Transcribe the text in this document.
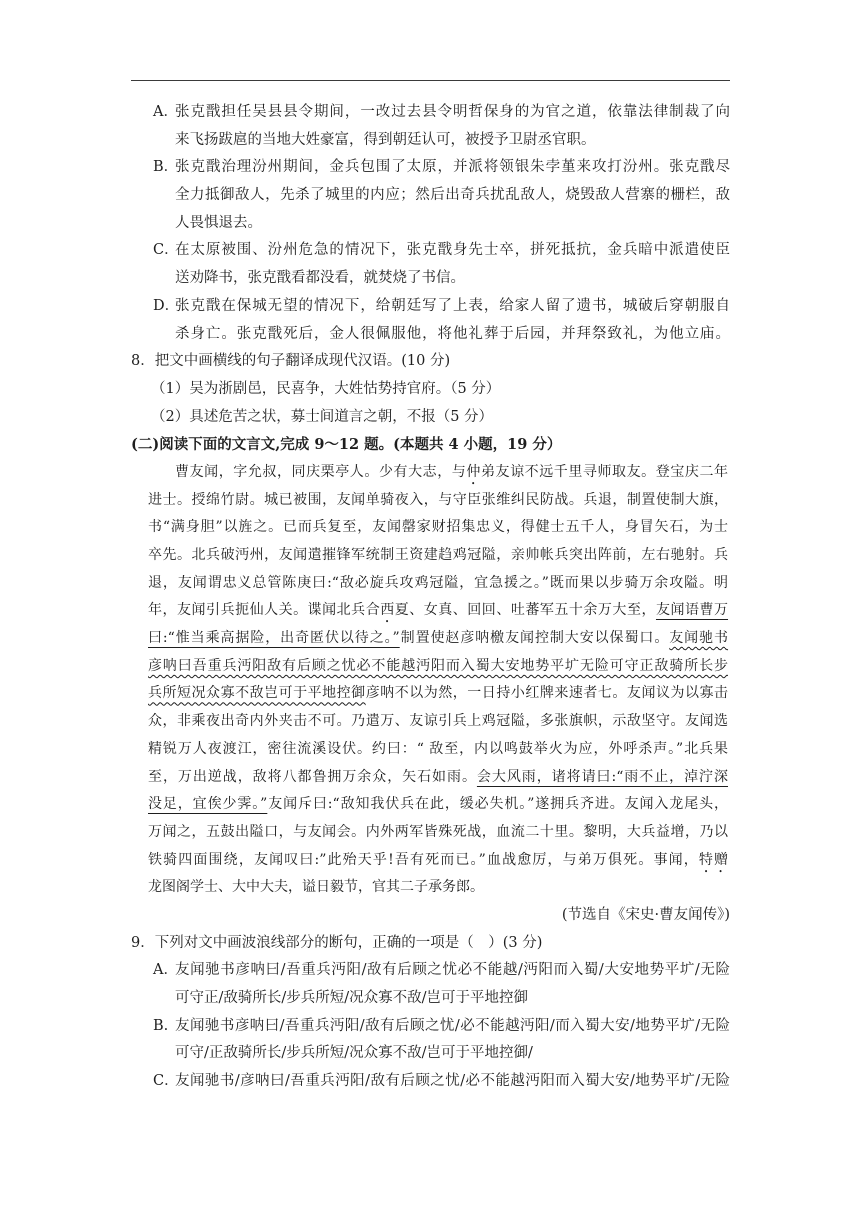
A．
张克戬担任吴县县令期间，一改过去县令明哲保身的为官之道，依靠法律制裁了向
来飞扬跋扈的当地大姓豪富，得到朝廷认可，被授予卫尉丞官职。
B．
张克戬治理汾州期间，金兵包围了太原，并派将领银朱孛堇来攻打汾州。张克戬尽
全力抵御敌人，先杀了城里的内应；然后出奇兵扰乱敌人，烧毁敌人营寨的栅栏，敌
人畏惧退去。
C．
在太原被围、汾州危急的情况下，张克戬身先士卒，拼死抵抗，金兵暗中派遣使臣
送劝降书，张克戬看都没看，就焚烧了书信。
D．
张克戬在保城无望的情况下，给朝廷写了上表，给家人留了遗书，城破后穿朝服自
杀身亡。张克戬死后，金人很佩服他，将他礼葬于后园，并拜祭致礼，为他立庙。
8．把文中画横线的句子翻译成现代汉语。(10 分)
（1）吴为浙剧邑，民喜争，大姓怙势持官府。（5 分）
（2）具述危苦之状，募士间道言之朝，不报（5 分）
(二)阅读下面的文言文,完成 9～12 题。(本题共 4 小题，19 分）
曹友闻，字允叔，同庆栗亭人。少有大志，与仲弟友谅不远千里寻师取友。登宝庆二年
进士。授绵竹尉。城已被围，友闻单骑夜入，与守臣张维纠民防战。兵退，制置使制大旗，
书“满身胆”以旌之。已而兵复至，友闻罄家财招集忠义，得健士五千人，身冒矢石，为士
卒先。北兵破沔州，友闻遣摧锋军统制王资建趋鸡冠隘，亲帅帐兵突出阵前，左右驰射。兵
退，友闻谓忠义总管陈庚曰:“敌必旋兵攻鸡冠隘，宜急援之。”既而果以步骑万余攻隘。明
年，友闻引兵扼仙人关。谍闻北兵合西夏、女真、回回、吐蕃军五十余万大至，友闻语曹万
曰:“惟当乘高据险，出奇匿伏以待之。”制置使赵彦呐檄友闻控制大安以保蜀口。友闻驰书
彦呐曰吾重兵沔阳敌有后顾之忧必不能越沔阳而入蜀大安地势平圹无险可守正敌骑所长步
兵所短况众寡不敌岂可于平地控御彦呐不以为然，一日持小红牌来速者七。友闻议为以寡击
众，非乘夜出奇内外夹击不可。乃遣万、友谅引兵上鸡冠隘，多张旗帜，示敌坚守。友闻选
精锐万人夜渡江，密往流溪设伏。约曰：“ 敌至，内以鸣鼓举火为应，外呼杀声。”北兵果
至，万出逆战，敌将八都鲁拥万余众，矢石如雨。会大风雨，诸将请曰:“雨不止，淖泞深
没足，宜俟少霁。”友闻斥曰:“敌知我伏兵在此，缓必失机。”遂拥兵齐进。友闻入龙尾头，
万闻之，五鼓出隘口，与友闻会。内外两军皆殊死战，血流二十里。黎明，大兵益增，乃以
铁骑四面围绕，友闻叹曰:”此殆天乎!吾有死而已。”血战愈厉，与弟万俱死。事闻，特赠
龙图阁学士、大中大夫，谥日毅节，官其二子承务郎。
(节选自《宋史·曹友闻传》)
9．下列对文中画波浪线部分的断句，正确的一项是（　）(3 分)
A．
友闻驰书彦呐曰/吾重兵沔阳/敌有后顾之忧必不能越/沔阳而入蜀/大安地势平圹/无险
可守正/敌骑所长/步兵所短/况众寡不敌/岂可于平地控御
B. 友闻驰书彦呐曰/吾重兵沔阳/敌有后顾之忧/必不能越沔阳/而入蜀大安/地势平圹/无险
可守/正敌骑所长/步兵所短/况众寡不敌/岂可于平地控御/
C．
友闻驰书/彦呐曰/吾重兵沔阳/敌有后顾之忧/必不能越沔阳而入蜀大安/地势平圹/无险
